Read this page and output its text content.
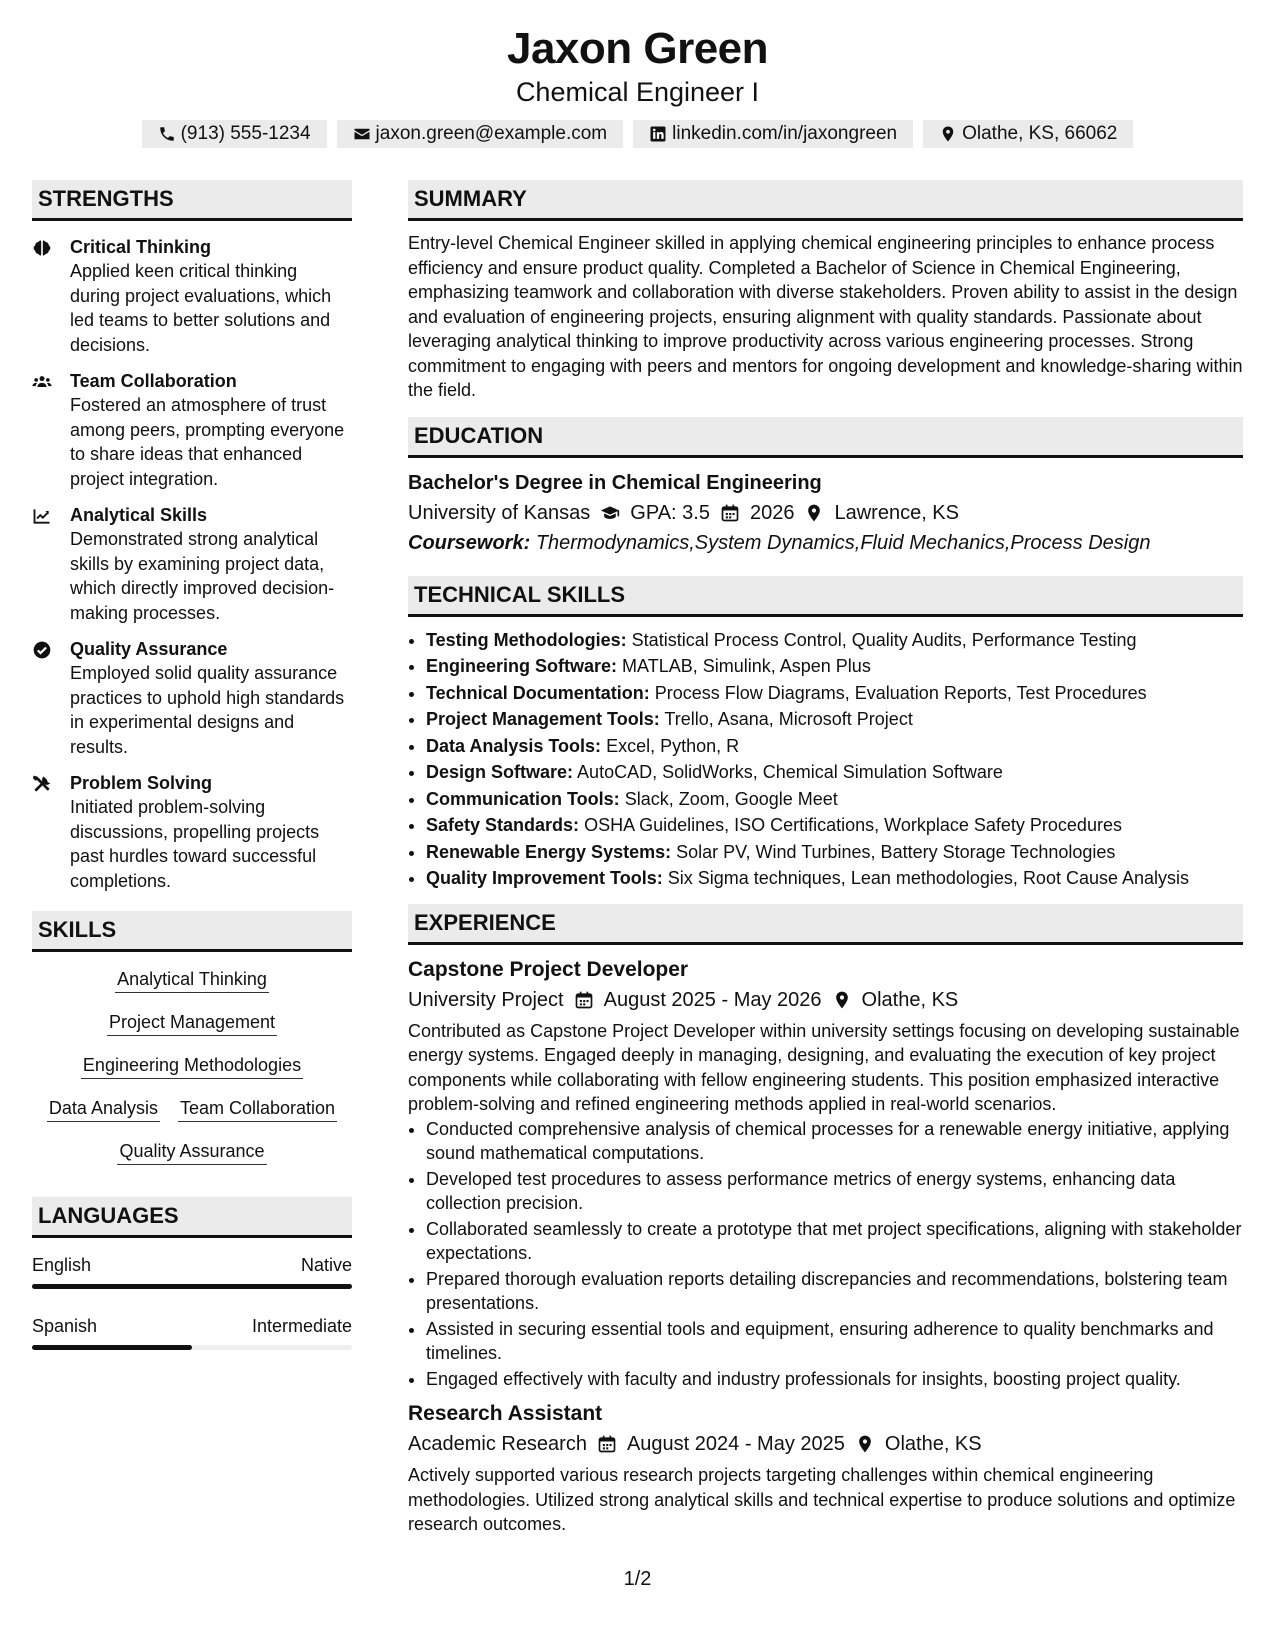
Jaxon Green
Chemical Engineer I
(913) 555-1234	jaxon.green@example.com	linkedin.com/in/jaxongreen	Olathe, KS, 66062
STRENGTHS
Critical Thinking
Applied keen critical thinking during project evaluations, which led teams to better solutions and decisions.
Team Collaboration
Fostered an atmosphere of trust among peers, prompting everyone to share ideas that enhanced project integration.
Analytical Skills
Demonstrated strong analytical skills by examining project data, which directly improved decision-making processes.
Quality Assurance
Employed solid quality assurance practices to uphold high standards in experimental designs and results.
Problem Solving
Initiated problem-solving discussions, propelling projects past hurdles toward successful completions.
SKILLS
Analytical Thinking
Project Management
Engineering Methodologies
Data Analysis Team Collaboration
Quality Assurance
LANGUAGES
English	Native
Spanish	Intermediate
SUMMARY

Entry-level Chemical Engineer skilled in applying chemical engineering principles to enhance process efficiency and ensure product quality. Completed a Bachelor of Science in Chemical Engineering, emphasizing teamwork and collaboration with diverse stakeholders. Proven ability to assist in the design and evaluation of engineering projects, ensuring alignment with quality standards. Passionate about leveraging analytical thinking to improve productivity across various engineering processes. Strong commitment to engaging with peers and mentors for ongoing development and knowledge-sharing within the field.

EDUCATION
Bachelor's Degree in Chemical Engineering
University of Kansas GPA: 3.5 2026 Lawrence, KS
Coursework: Thermodynamics,System Dynamics,Fluid Mechanics,Process Design
TECHNICAL SKILLS
• Testing Methodologies: Statistical Process Control, Quality Audits, Performance Testing
• Engineering Software: MATLAB, Simulink, Aspen Plus
• Technical Documentation: Process Flow Diagrams, Evaluation Reports, Test Procedures
• Project Management Tools: Trello, Asana, Microsoft Project
• Data Analysis Tools: Excel, Python, R
• Design Software: AutoCAD, SolidWorks, Chemical Simulation Software
• Communication Tools: Slack, Zoom, Google Meet
• Safety Standards: OSHA Guidelines, ISO Certifications, Workplace Safety Procedures
• Renewable Energy Systems: Solar PV, Wind Turbines, Battery Storage Technologies
• Quality Improvement Tools: Six Sigma techniques, Lean methodologies, Root Cause Analysis
EXPERIENCE
Capstone Project Developer
University Project August 2025 - May 2026 Olathe, KS

Contributed as Capstone Project Developer within university settings focusing on developing sustainable energy systems. Engaged deeply in managing, designing, and evaluating the execution of key project components while collaborating with fellow engineering students. This position emphasized interactive problem-solving and refined engineering methods applied in real-world scenarios.

• Conducted comprehensive analysis of chemical processes for a renewable energy initiative, applying sound mathematical computations.
• Developed test procedures to assess performance metrics of energy systems, enhancing data collection precision.
• Collaborated seamlessly to create a prototype that met project specifications, aligning with stakeholder expectations.
• Prepared thorough evaluation reports detailing discrepancies and recommendations, bolstering team presentations.
• Assisted in securing essential tools and equipment, ensuring adherence to quality benchmarks and timelines.
• Engaged effectively with faculty and industry professionals for insights, boosting project quality.
Research Assistant
Academic Research August 2024 - May 2025 Olathe, KS

Actively supported various research projects targeting challenges within chemical engineering methodologies. Utilized strong analytical skills and technical expertise to produce solutions and optimize research outcomes.

1/2
